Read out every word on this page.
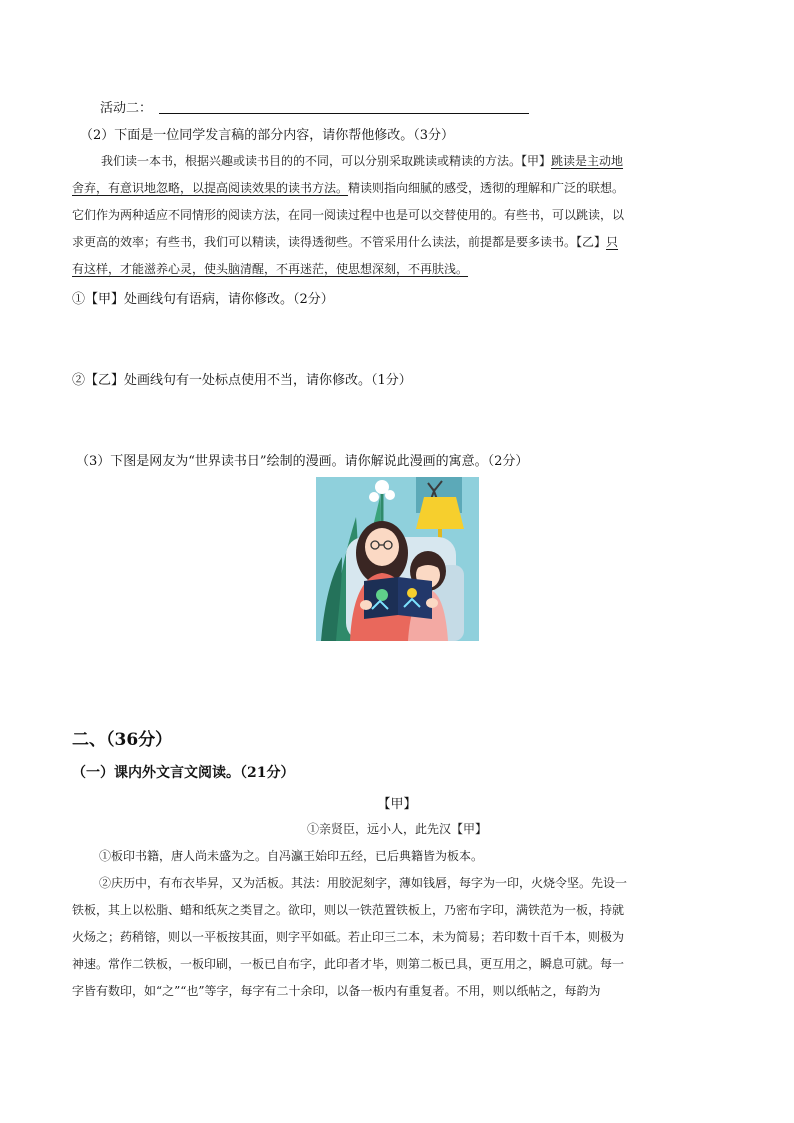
活动二：
（2）下面是一位同学发言稿的部分内容，请你帮他修改。（3分）
我们读一本书，根据兴趣或读书目的的不同，可以分别采取跳读或精读的方法。【甲】跳读是主动地
舍弃，有意识地忽略，以提高阅读效果的读书方法。精读则指向细腻的感受，透彻的理解和广泛的联想。
它们作为两种适应不同情形的阅读方法，在同一阅读过程中也是可以交替使用的。有些书，可以跳读，以
求更高的效率；有些书，我们可以精读，读得透彻些。不管采用什么读法，前提都是要多读书。【乙】只
有这样，才能滋养心灵，使头脑清醒，不再迷茫，使思想深刻，不再肤浅。
①【甲】处画线句有语病，请你修改。（2分）
②【乙】处画线句有一处标点使用不当，请你修改。（1分）
（3）下图是网友为“世界读书日”绘制的漫画。请你解说此漫画的寓意。（2分）
二、（36分）
（一）课内外文言文阅读。（21分）
【甲】
①亲贤臣，远小人，此先汉【甲】
①板印书籍，唐人尚未盛为之。自冯瀛王始印五经，已后典籍皆为板本。
②庆历中，有布衣毕昇，又为活板。其法：用胶泥刻字，薄如钱唇，每字为一印，火烧令坚。先设一
铁板，其上以松脂、蜡和纸灰之类冒之。欲印，则以一铁范置铁板上，乃密布字印，满铁范为一板，持就
火炀之；药稍镕，则以一平板按其面，则字平如砥。若止印三二本，未为简易；若印数十百千本，则极为
神速。常作二铁板，一板印刷，一板已自布字，此印者才毕，则第二板已具，更互用之，瞬息可就。每一
字皆有数印，如“之”“也”等字，每字有二十余印，以备一板内有重复者。不用，则以纸帖之，每韵为
